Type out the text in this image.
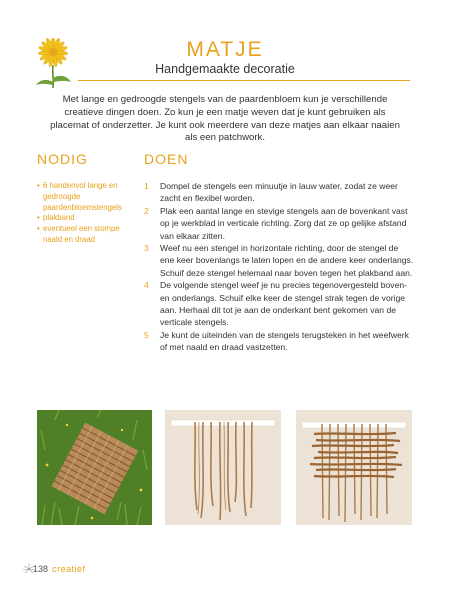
MATJE
Handgemaakte decoratie
Met lange en gedroogde stengels van de paardenbloem kun je verschillende creatieve dingen doen. Zo kun je een matje weven dat je kunt gebruiken als placemat of onderzetter. Je kunt ook meerdere van deze matjes aan elkaar naaien als een patchwork.
NODIG
• 6 handenvol lange en gedroogde paardenbloemstengels
• plakband
• eventueel een stompe naald en draad
DOEN
1 Dompel de stengels een minuutje in lauw water, zodat ze weer zacht en flexibel worden.
2 Plak een aantal lange en stevige stengels aan de bovenkant vast op je werkblad in verticale richting. Zorg dat ze op gelijke afstand van elkaar zitten.
3 Weef nu een stengel in horizontale richting, door de stengel de ene keer bovenlangs te laten lopen en de andere keer onderlangs. Schuif deze stengel helemaal naar boven tegen het plakband aan.
4 De volgende stengel weef je nu precies tegenovergesteld boven- en onderlangs. Schuif elke keer de stengel strak tegen de vorige aan. Herhaal dit tot je aan de onderkant bent gekomen van de verticale stengels.
5 Je kunt de uiteinden van de stengels terugsteken in het weefwerk of met naald en draad vastzetten.
138 creatief
